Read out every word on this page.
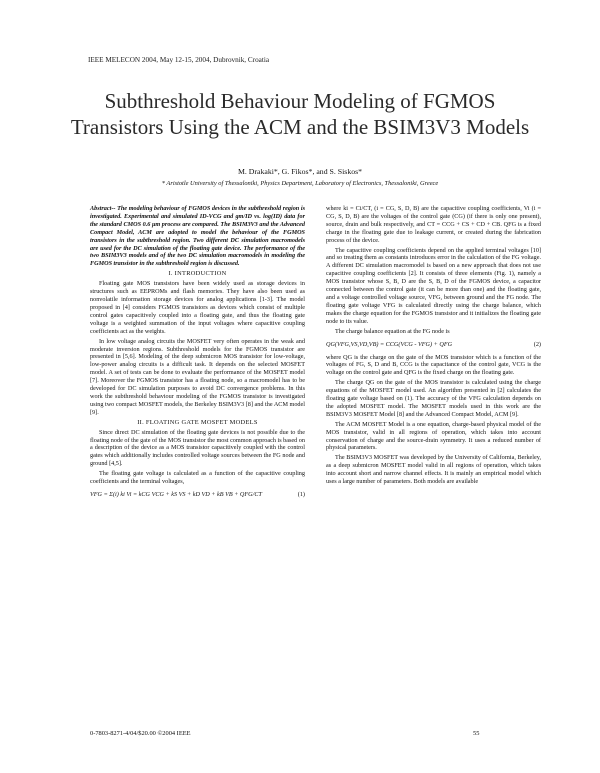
IEEE MELECON 2004, May 12-15, 2004, Dubrovnik, Croatia
Subthreshold Behaviour Modeling of FGMOS Transistors Using the ACM and the BSIM3V3 Models
M. Drakaki*, G. Fikos*, and S. Siskos*
* Aristotle University of Thessaloniki, Physics Department, Laboratory of Electronics, Thessaloniki, Greece

Abstract-- The modeling behaviour of FGMOS devices in the subthreshold region is investigated. Experimental and simulated ID-VCG and gm/ID vs. log(ID) data for the standard CMOS 0.6 μm process are compared. The BSIM3V3 and the Advanced Compact Model, ACM are adopted to model the behaviour of the FGMOS transistors in the subthreshold region. Two different DC simulation macromodels are used for the DC simulation of the floating gate device. The performance of the two BSIM3V3 models and of the two DC simulation macromodels in modeling the FGMOS transistor in the subthreshold region is discussed.

I. INTRODUCTION

Floating gate MOS transistors have been widely used as storage devices in structures such as EEPROMs and flash memories. They have also been used as nonvolatile information storage devices for analog applications [1-3]. The model proposed in [4] considers FGMOS transistors as devices which consist of multiple control gates capacitively coupled into a floating gate, and thus the floating gate voltage is a weighted summation of the input voltages where capacitive coupling coefficients act as the weights.

In low voltage analog circuits the MOSFET very often operates in the weak and moderate inversion regions. Subthreshold models for the FGMOS transistor are presented in [5,6]. Modeling of the deep submicron MOS transistor for low-voltage, low-power analog circuits is a difficult task. It depends on the selected MOSFET model. A set of tests can be done to evaluate the performance of the MOSFET model [7]. Moreover the FGMOS transistor has a floating node, so a macromodel has to be developed for DC simulation purposes to avoid DC convergence problems. In this work the subthreshold behaviour modeling of the FGMOS transistor is investigated using two compact MOSFET models, the Berkeley BSIM3V3 [8] and the ACM model [9].

II. FLOATING GATE MOSFET MODELS

Since direct DC simulation of the floating gate devices is not possible due to the floating node of the gate of the MOS transistor the most common approach is based on a description of the device as a MOS transistor capacitively coupled with the control gates which additionally includes controlled voltage sources between the FG node and ground [4,5].

The floating gate voltage is calculated as a function of the capacitive coupling coefficients and the terminal voltages,

VFG = Σ(i) ki Vi = kCG VCG + kS VS + kD VD + kB VB + QFG/CT	(1)

where ki = Ci/CT, (i = CG, S, D, B) are the capacitive coupling coefficients, Vi (i = CG, S, D, B) are the voltages of the control gate (CG) (if there is only one present), source, drain and bulk respectively, and CT = CCG + CS + CD + CB. QFG is a fixed charge in the floating gate due to leakage current, or created during the fabrication process of the device.

The capacitive coupling coefficients depend on the applied terminal voltages [10] and so treating them as constants introduces error in the calculation of the FG voltage. A different DC simulation macromodel is based on a new approach that does not use capacitive coupling coefficients [2]. It consists of three elements (Fig. 1), namely a MOS transistor whose S, B, D are the S, B, D of the FGMOS device, a capacitor connected between the control gate (it can be more than one) and the floating gate, and a voltage controlled voltage source, VFG, between ground and the FG node. The floating gate voltage VFG is calculated directly using the charge balance, which makes the charge equation for the FGMOS transistor and it initializes the floating gate node to its value.

The charge balance equation at the FG node is

QG(VFG,VS,VD,VB) = CCG(VCG - VFG) + QFG	(2)

where QG is the charge on the gate of the MOS transistor which is a function of the voltages of FG, S, D and B, CCG is the capacitance of the control gate, VCG is the voltage on the control gate and QFG is the fixed charge on the floating gate.

The charge QG on the gate of the MOS transistor is calculated using the charge equations of the MOSFET model used. An algorithm presented in [2] calculates the floating gate voltage based on (1). The accuracy of the VFG calculation depends on the adopted MOSFET model. The MOSFET models used in this work are the BSIM3V3 MOSFET Model [8] and the Advanced Compact Model, ACM [9].

The ACM MOSFET Model is a one equation, charge-based physical model of the MOS transistor, valid in all regions of operation, which takes into account conservation of charge and the source-drain symmetry. It uses a reduced number of physical parameters.

The BSIM3V3 MOSFET was developed by the University of California, Berkeley, as a deep submicron MOSFET model valid in all regions of operation, which takes into account short and narrow channel effects. It is mainly an empirical model which uses a large number of parameters. Both models are available

0-7803-8271-4/04/$20.00 ©2004 IEEE	55
